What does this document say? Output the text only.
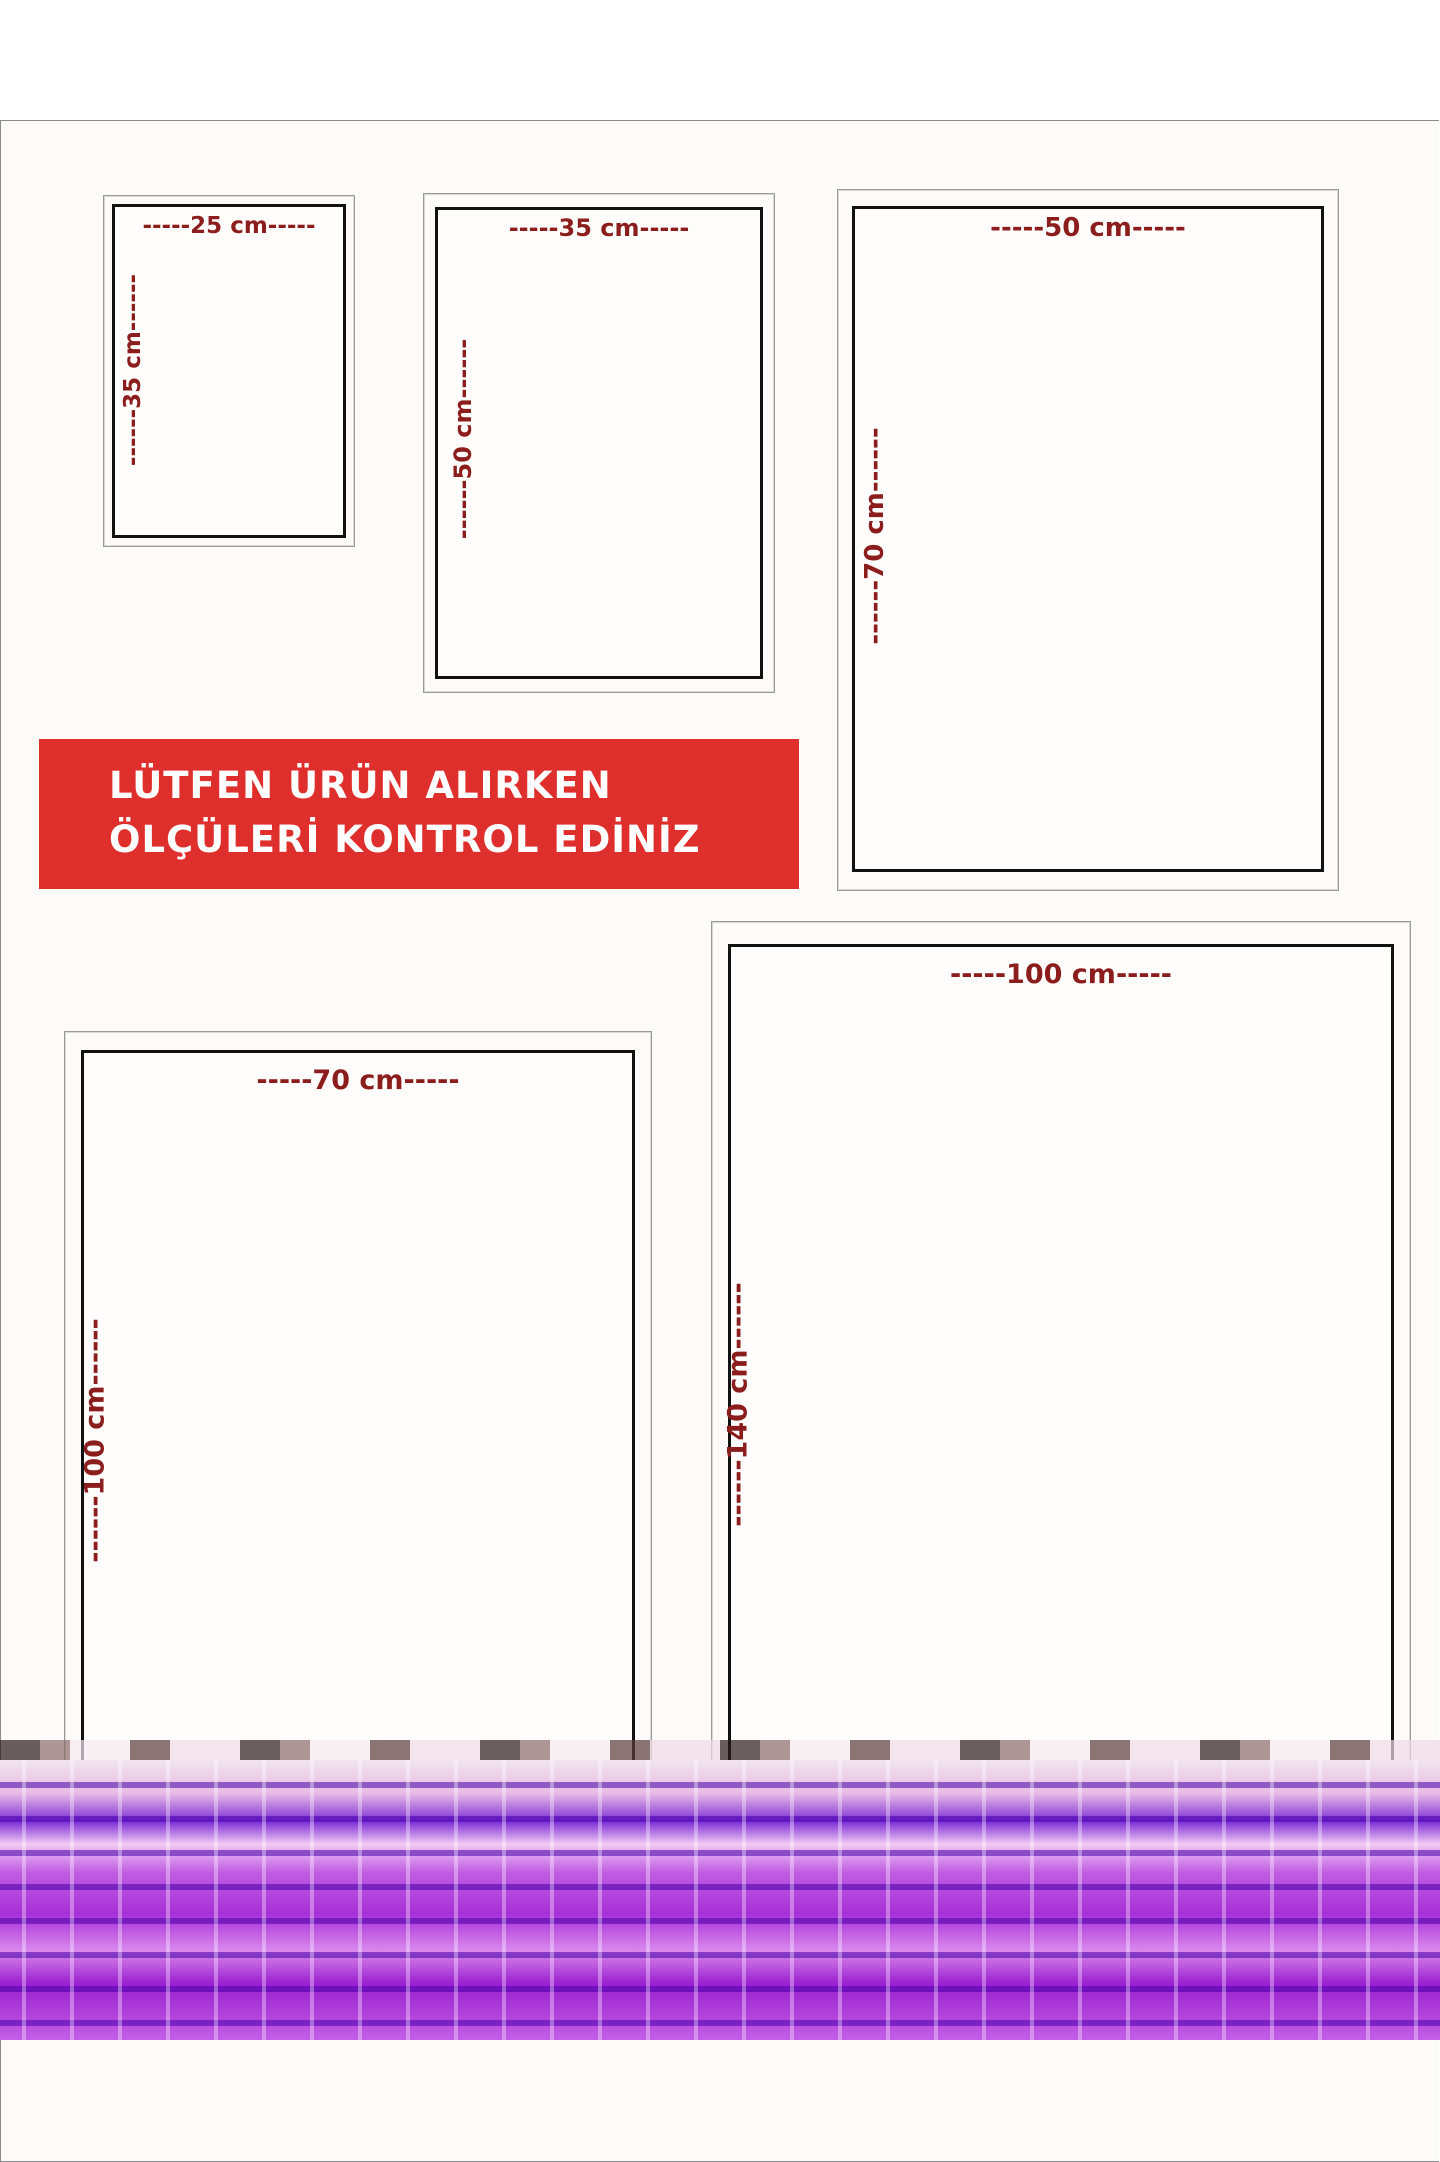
-----25 cm-----
------35 cm------
-----35 cm-----
------50 cm------
-----50 cm-----
------70 cm------
LÜTFEN ÜRÜN ALIRKEN
ÖLÇÜLERİ KONTROL EDİNİZ
-----70 cm-----
------100 cm------
-----100 cm-----
------140 cm------
